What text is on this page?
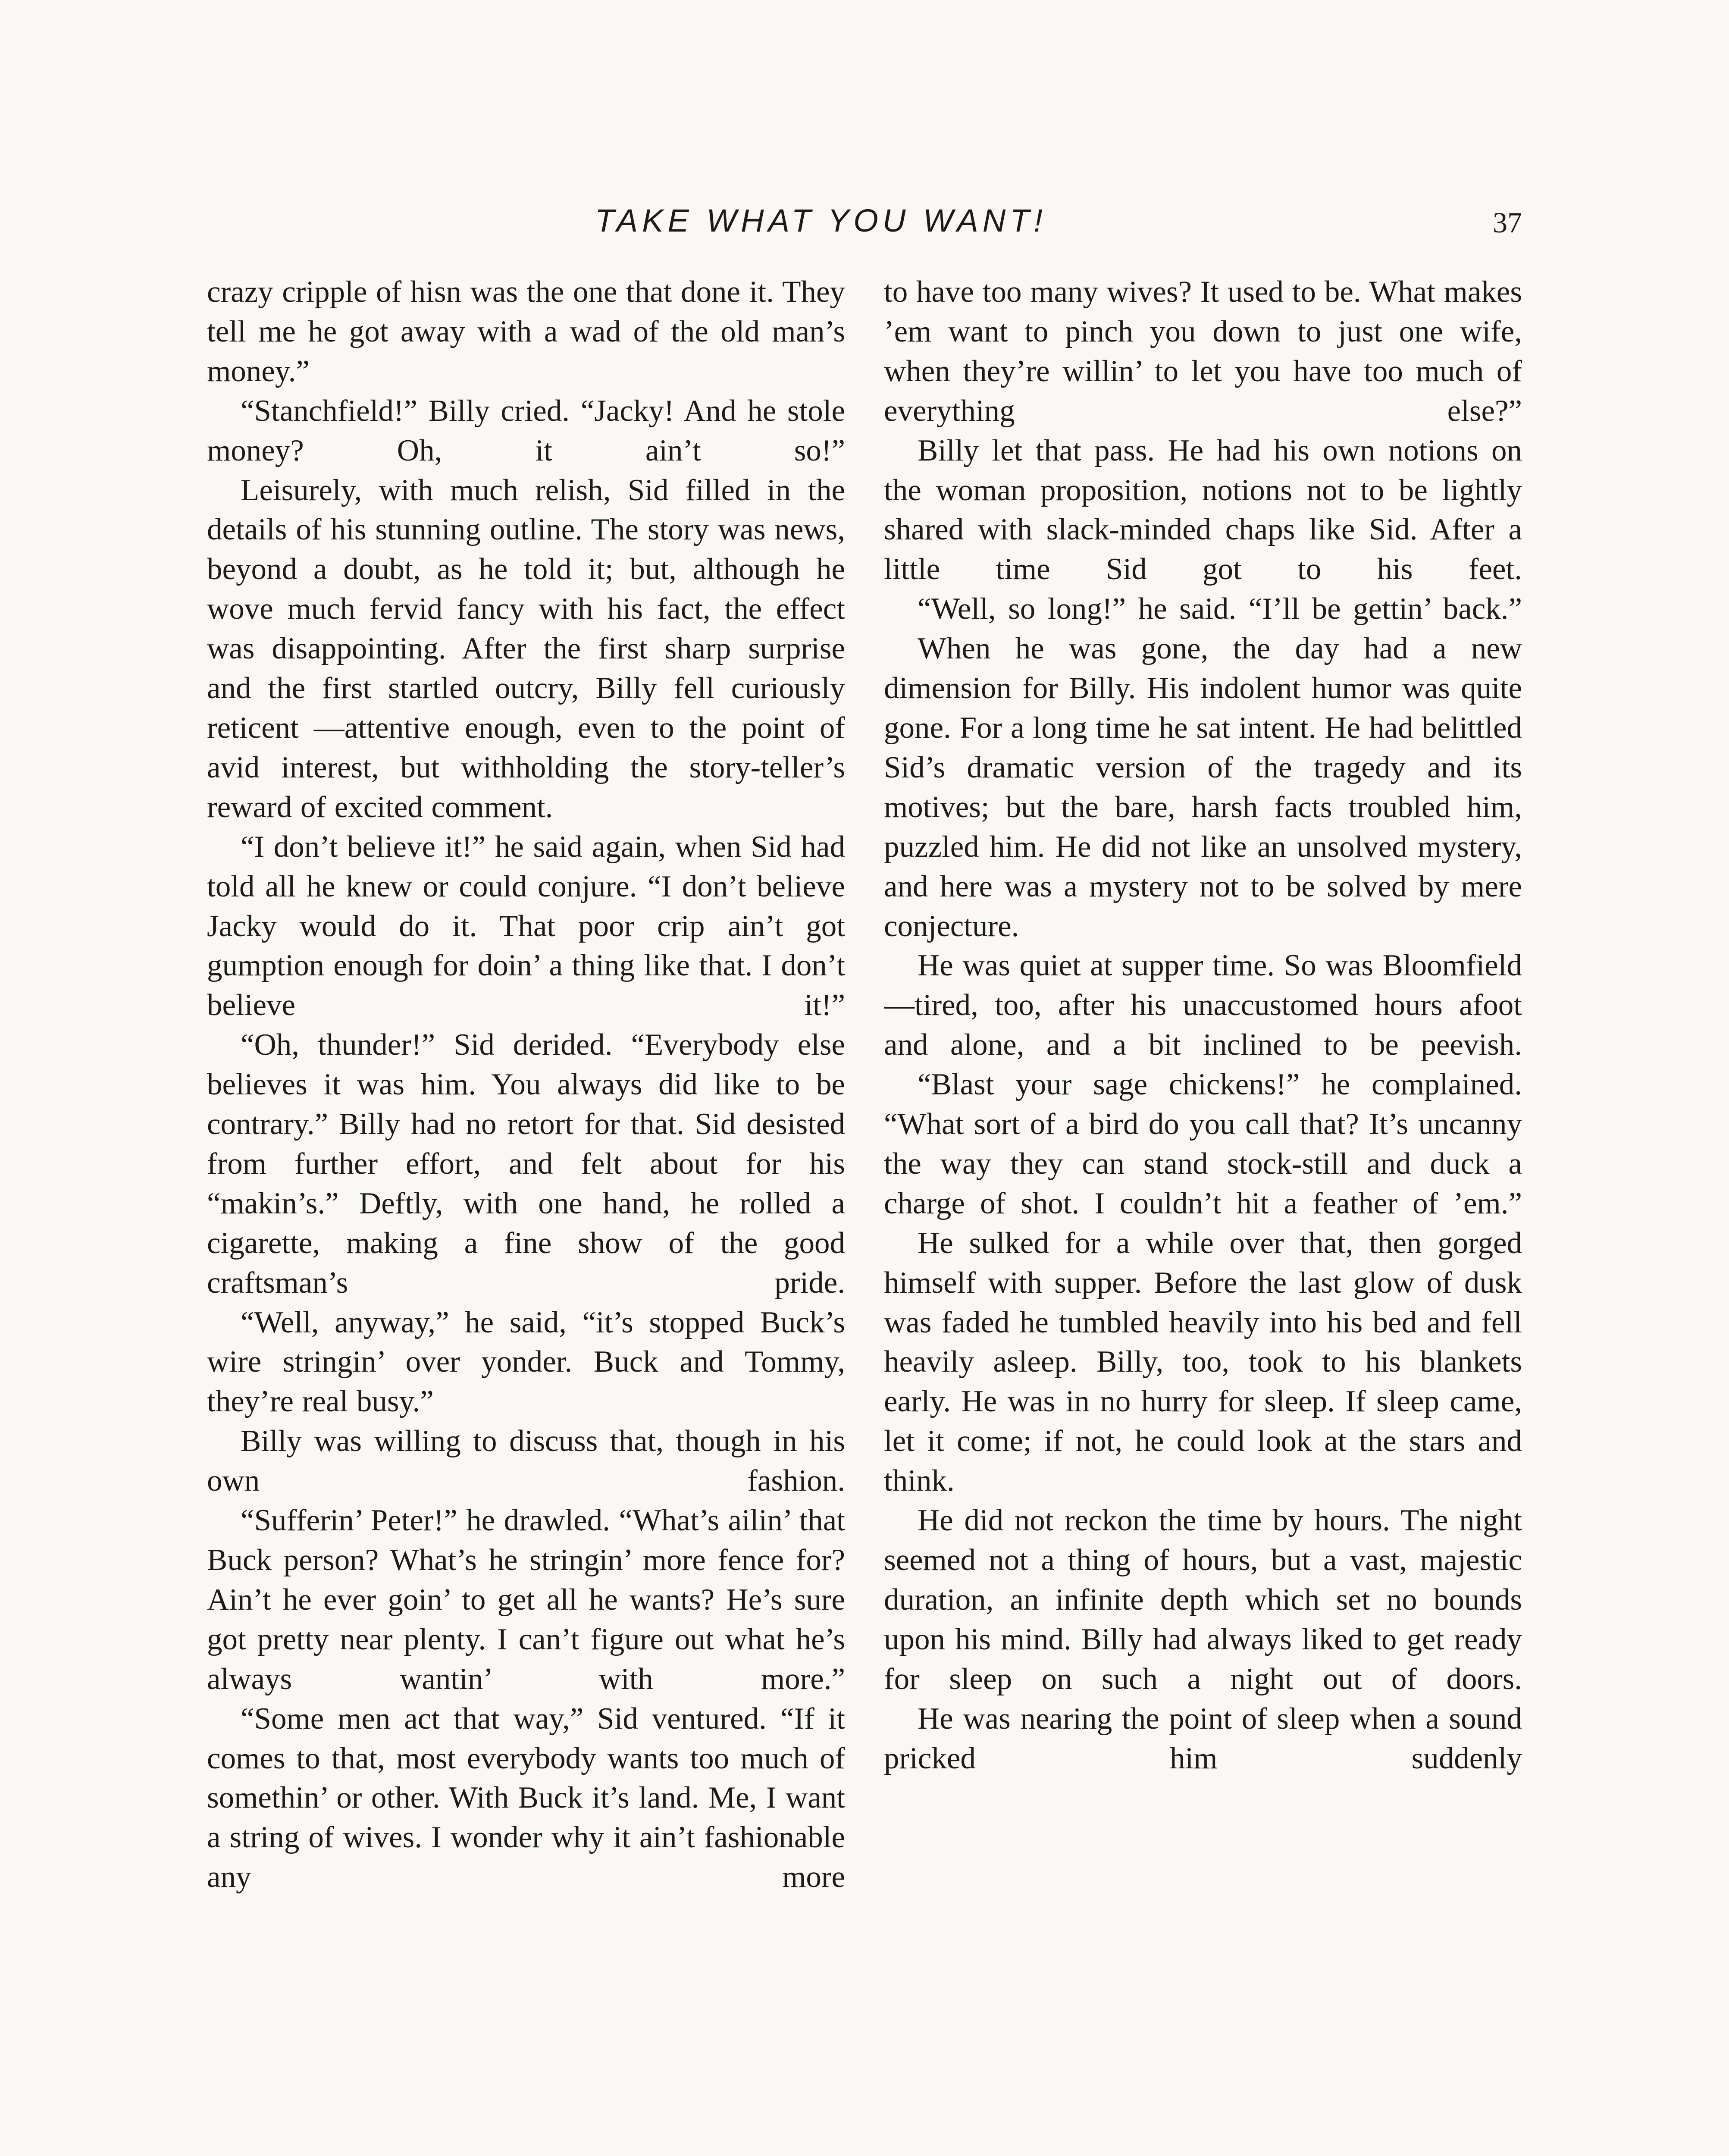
TAKE WHAT YOU WANT!	37

crazy cripple of hisn was the one that done it. They tell me he got away with a wad of the old man’s money.”

“Stanchfield!” Billy cried. “Jacky! And he stole money? Oh, it ain’t so!”

Leisurely, with much relish, Sid filled in the details of his stunning outline. The story was news, beyond a doubt, as he told it; but, although he wove much fervid fancy with his fact, the effect was disappointing. After the first sharp surprise and the first startled outcry, Billy fell curiously reticent —attentive enough, even to the point of avid interest, but withholding the story-teller’s reward of excited comment.

“I don’t believe it!” he said again, when Sid had told all he knew or could conjure. “I don’t believe Jacky would do it. That poor crip ain’t got gumption enough for doin’ a thing like that. I don’t believe it!”

“Oh, thunder!” Sid derided. “Everybody else believes it was him. You always did like to be contrary.” Billy had no retort for that. Sid desisted from further effort, and felt about for his “makin’s.” Deftly, with one hand, he rolled a cigarette, making a fine show of the good craftsman’s pride.

“Well, anyway,” he said, “it’s stopped Buck’s wire stringin’ over yonder. Buck and Tommy, they’re real busy.”

Billy was willing to discuss that, though in his own fashion.

“Sufferin’ Peter!” he drawled. “What’s ailin’ that Buck person? What’s he stringin’ more fence for? Ain’t he ever goin’ to get all he wants? He’s sure got pretty near plenty. I can’t figure out what he’s always wantin’ with more.”

“Some men act that way,” Sid ventured. “If it comes to that, most everybody wants too much of somethin’ or other. With Buck it’s land. Me, I want a string of wives. I wonder why it ain’t fashionable any more

to have too many wives? It used to be. What makes ’em want to pinch you down to just one wife, when they’re willin’ to let you have too much of everything else?”

Billy let that pass. He had his own notions on the woman proposition, notions not to be lightly shared with slack-minded chaps like Sid. After a little time Sid got to his feet.

“Well, so long!” he said. “I’ll be gettin’ back.”

When he was gone, the day had a new dimension for Billy. His indolent humor was quite gone. For a long time he sat intent. He had belittled Sid’s dramatic version of the tragedy and its motives; but the bare, harsh facts troubled him, puzzled him. He did not like an unsolved mystery, and here was a mystery not to be solved by mere conjecture.

He was quiet at supper time. So was Bloomfield—tired, too, after his unaccustomed hours afoot and alone, and a bit inclined to be peevish.

“Blast your sage chickens!” he complained. “What sort of a bird do you call that? It’s uncanny the way they can stand stock-still and duck a charge of shot. I couldn’t hit a feather of ’em.”

He sulked for a while over that, then gorged himself with supper. Before the last glow of dusk was faded he tumbled heavily into his bed and fell heavily asleep. Billy, too, took to his blankets early. He was in no hurry for sleep. If sleep came, let it come; if not, he could look at the stars and think.

He did not reckon the time by hours. The night seemed not a thing of hours, but a vast, majestic duration, an infinite depth which set no bounds upon his mind. Billy had always liked to get ready for sleep on such a night out of doors.

He was nearing the point of sleep when a sound pricked him suddenly
